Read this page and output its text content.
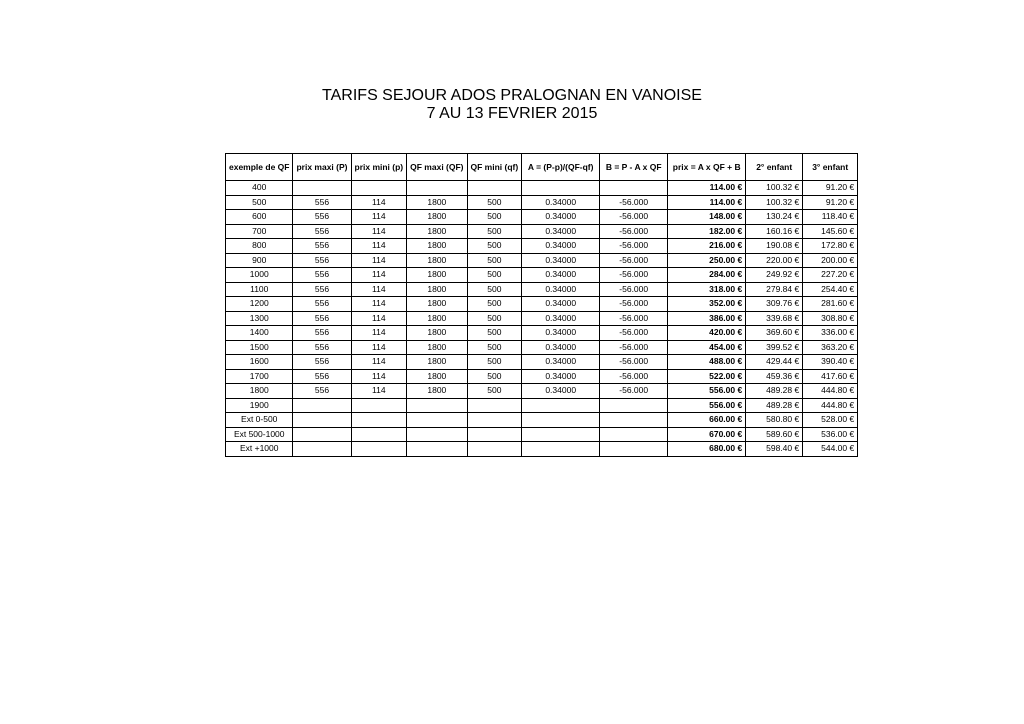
TARIFS SEJOUR ADOS PRALOGNAN EN VANOISE
7 AU 13 FEVRIER 2015
exemple de QF	prix maxi (P)	prix mini (p)	QF maxi (QF)	QF mini (qf)	A = (P-p)/(QF-qf)	B = P - A x QF	prix = A x QF + B	2° enfant	3° enfant
400							114.00 €	100.32 €	91.20 €
500	556	114	1800	500	0.34000	-56.000	114.00 €	100.32 €	91.20 €
600	556	114	1800	500	0.34000	-56.000	148.00 €	130.24 €	118.40 €
700	556	114	1800	500	0.34000	-56.000	182.00 €	160.16 €	145.60 €
800	556	114	1800	500	0.34000	-56.000	216.00 €	190.08 €	172.80 €
900	556	114	1800	500	0.34000	-56.000	250.00 €	220.00 €	200.00 €
1000	556	114	1800	500	0.34000	-56.000	284.00 €	249.92 €	227.20 €
1100	556	114	1800	500	0.34000	-56.000	318.00 €	279.84 €	254.40 €
1200	556	114	1800	500	0.34000	-56.000	352.00 €	309.76 €	281.60 €
1300	556	114	1800	500	0.34000	-56.000	386.00 €	339.68 €	308.80 €
1400	556	114	1800	500	0.34000	-56.000	420.00 €	369.60 €	336.00 €
1500	556	114	1800	500	0.34000	-56.000	454.00 €	399.52 €	363.20 €
1600	556	114	1800	500	0.34000	-56.000	488.00 €	429.44 €	390.40 €
1700	556	114	1800	500	0.34000	-56.000	522.00 €	459.36 €	417.60 €
1800	556	114	1800	500	0.34000	-56.000	556.00 €	489.28 €	444.80 €
1900							556.00 €	489.28 €	444.80 €
Ext 0-500							660.00 €	580.80 €	528.00 €
Ext 500-1000							670.00 €	589.60 €	536.00 €
Ext +1000							680.00 €	598.40 €	544.00 €
